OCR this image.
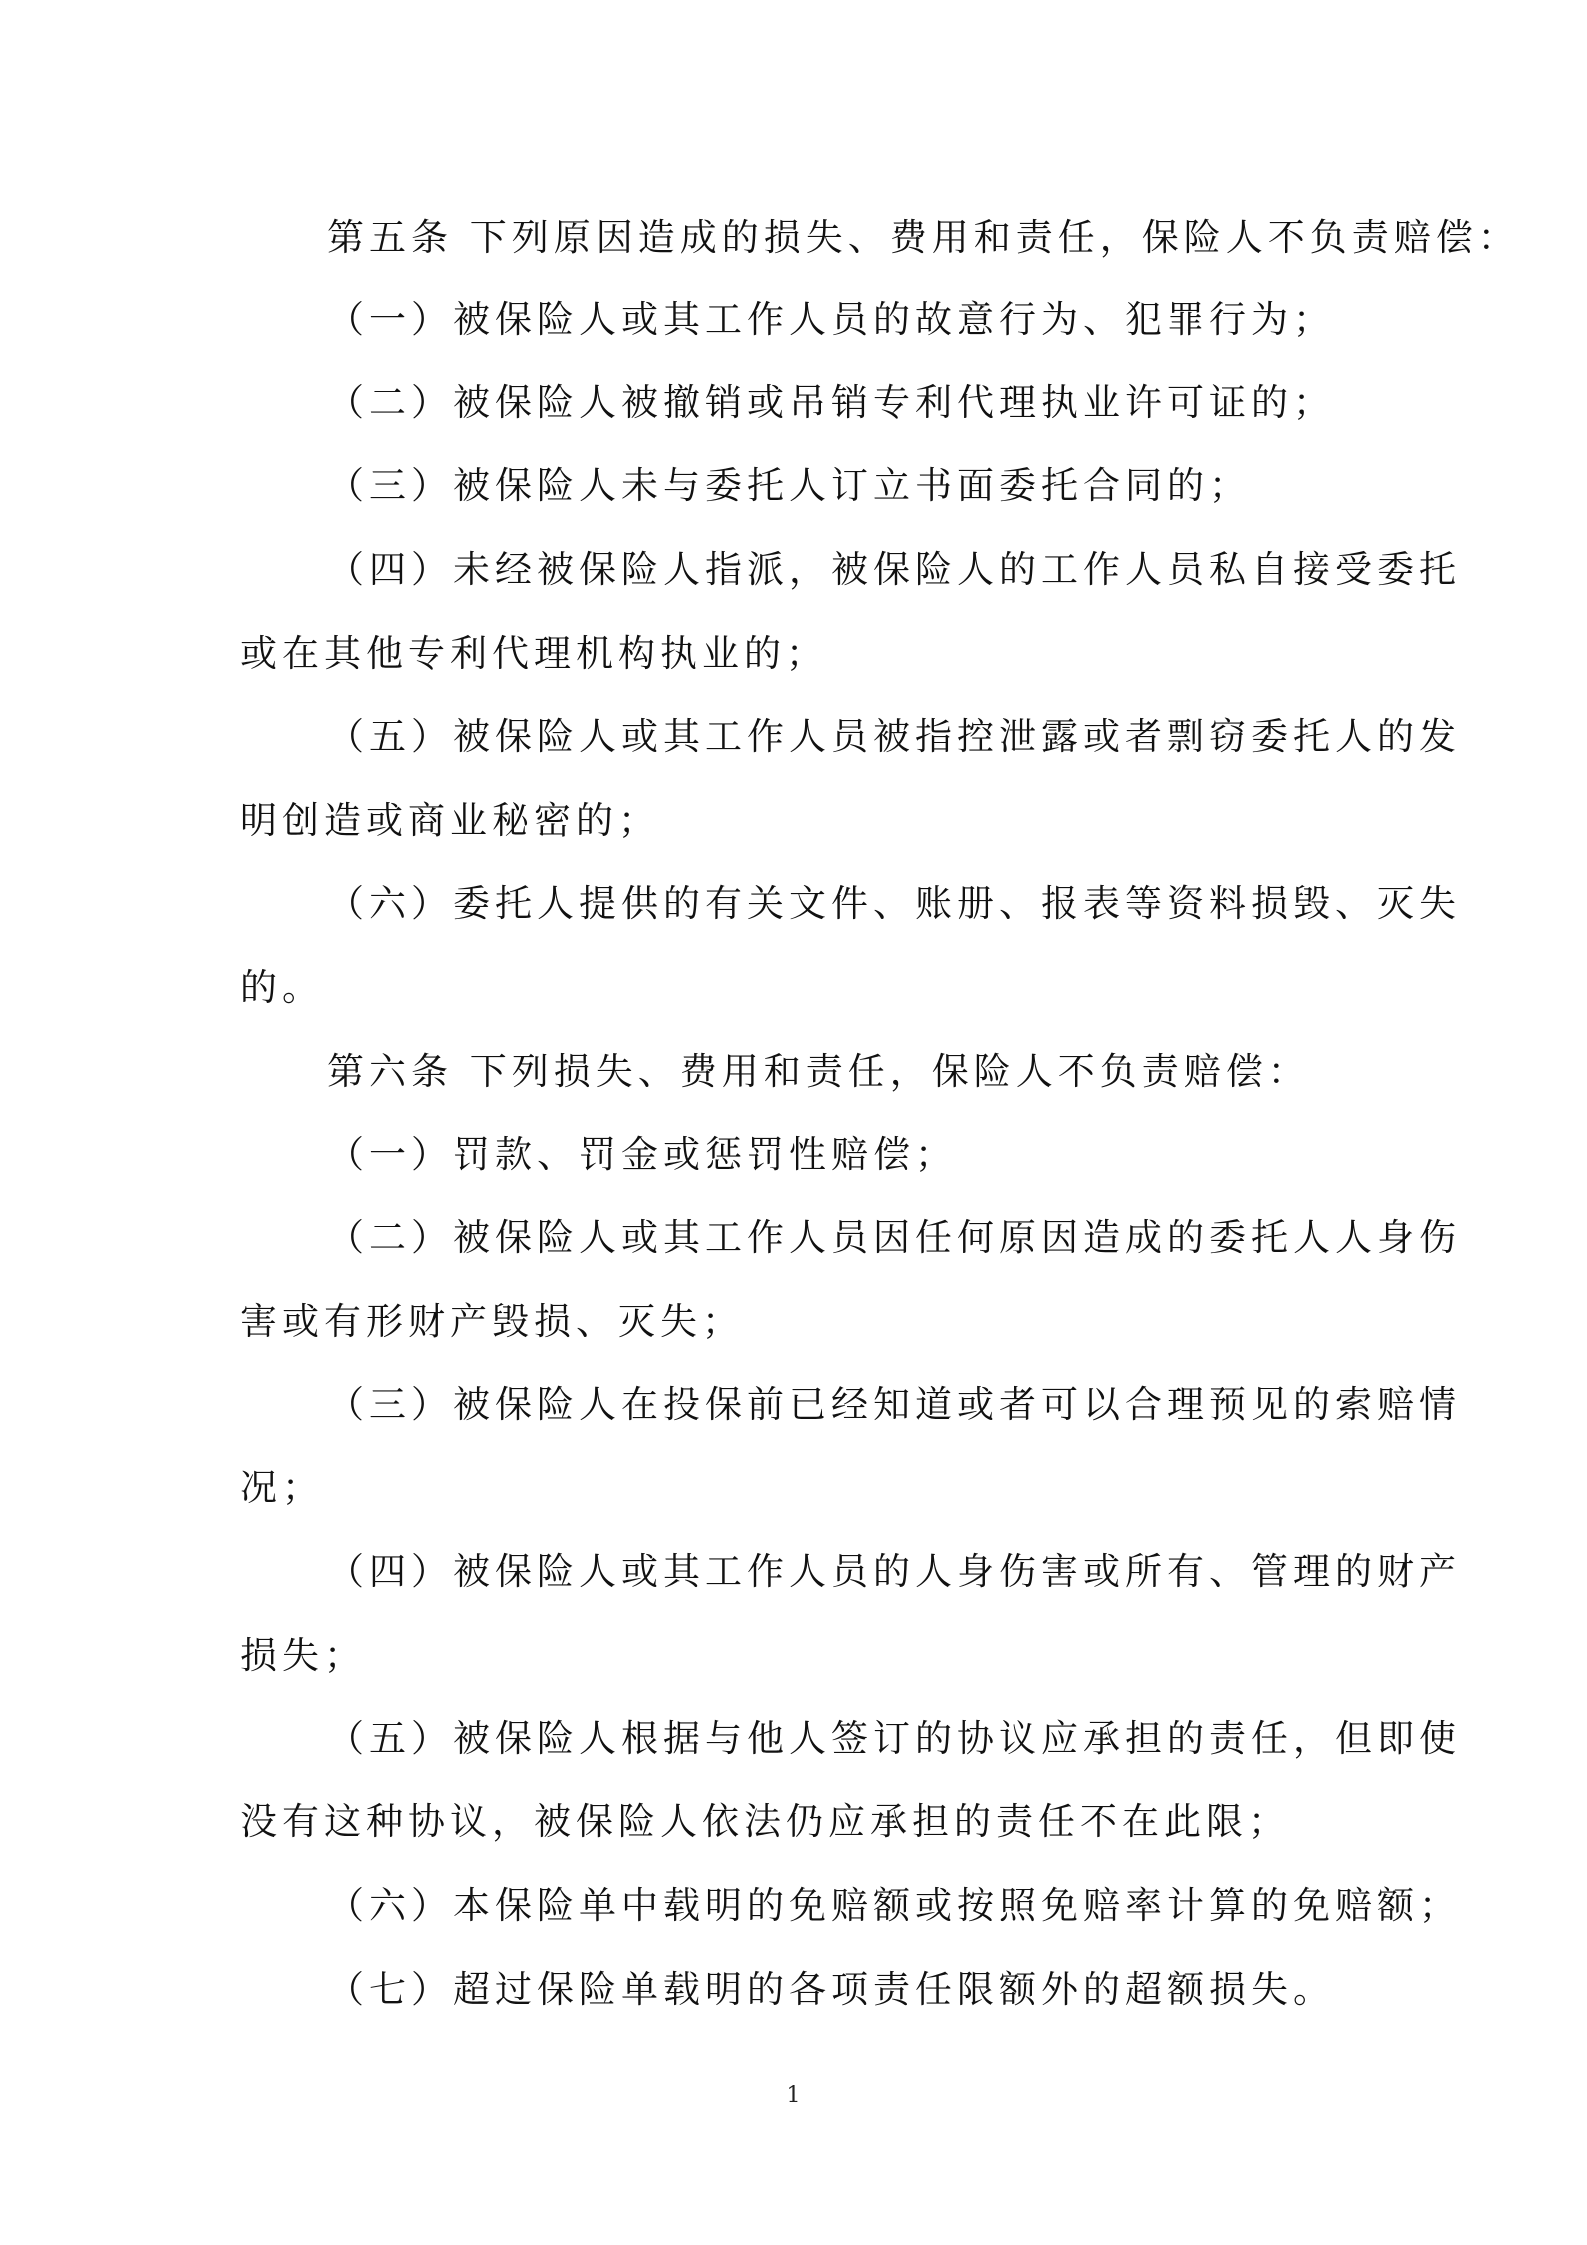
第五条 下列原因造成的损失、费用和责任，保险人不负责赔偿：
（一）被保险人或其工作人员的故意行为、犯罪行为；
（二）被保险人被撤销或吊销专利代理执业许可证的；
（三）被保险人未与委托人订立书面委托合同的；
（四）未经被保险人指派，被保险人的工作人员私自接受委托
或在其他专利代理机构执业的；
（五）被保险人或其工作人员被指控泄露或者剽窃委托人的发
明创造或商业秘密的；
（六）委托人提供的有关文件、账册、报表等资料损毁、灭失
的。
第六条 下列损失、费用和责任，保险人不负责赔偿：
（一）罚款、罚金或惩罚性赔偿；
（二）被保险人或其工作人员因任何原因造成的委托人人身伤
害或有形财产毁损、灭失；
（三）被保险人在投保前已经知道或者可以合理预见的索赔情
况；
（四）被保险人或其工作人员的人身伤害或所有、管理的财产
损失；
（五）被保险人根据与他人签订的协议应承担的责任，但即使
没有这种协议，被保险人依法仍应承担的责任不在此限；
（六）本保险单中载明的免赔额或按照免赔率计算的免赔额；
（七）超过保险单载明的各项责任限额外的超额损失。
1
